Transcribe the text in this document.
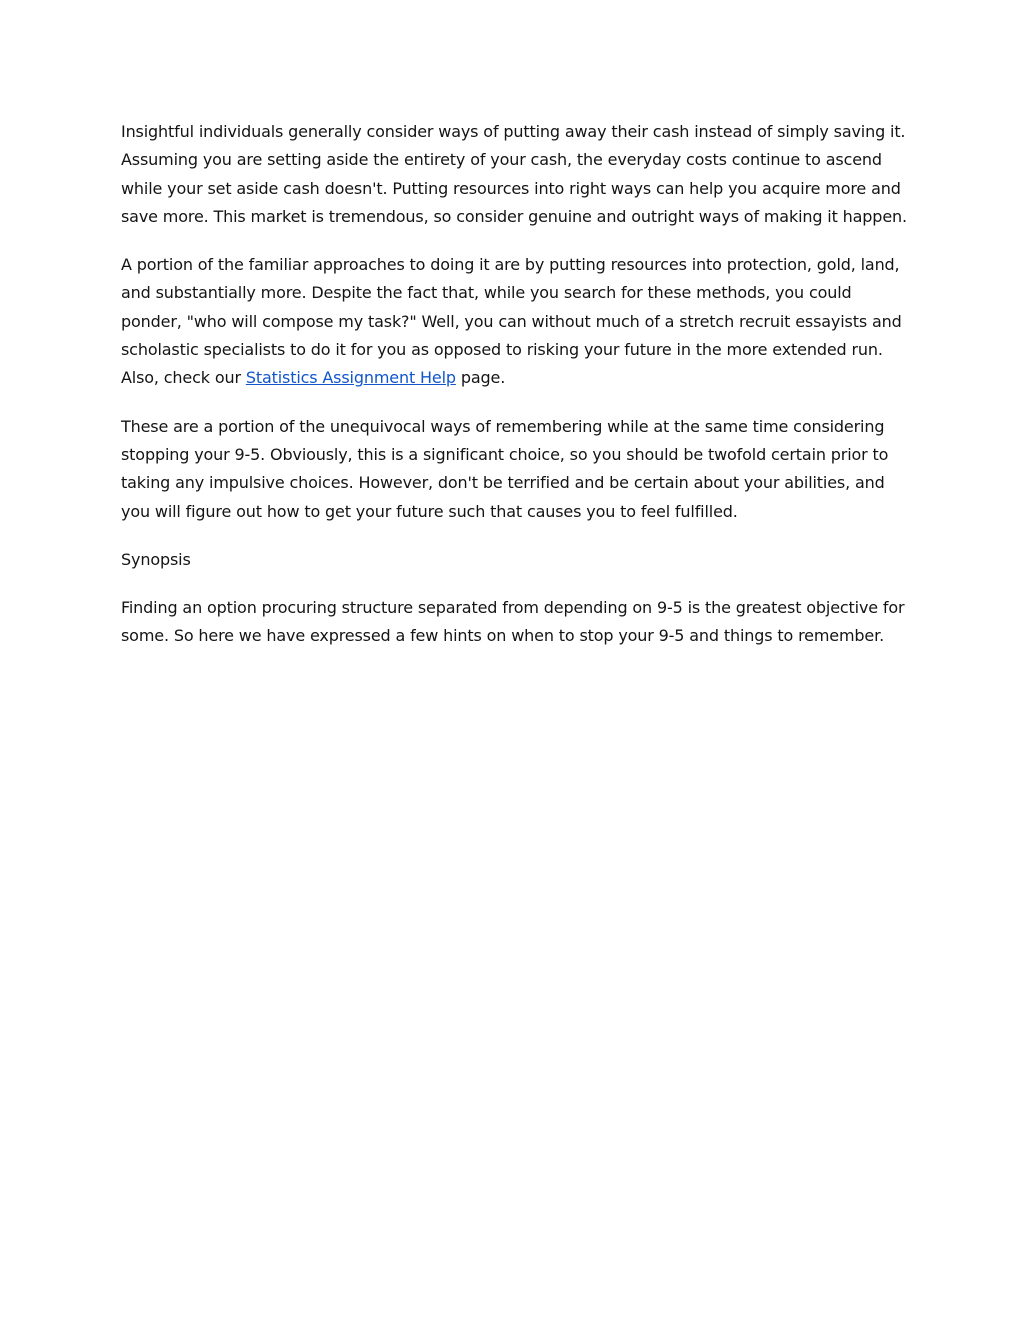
Insightful individuals generally consider ways of putting away their cash instead of simply saving it. Assuming you are setting aside the entirety of your cash, the everyday costs continue to ascend while your set aside cash doesn't. Putting resources into right ways can help you acquire more and save more. This market is tremendous, so consider genuine and outright ways of making it happen.

A portion of the familiar approaches to doing it are by putting resources into protection, gold, land, and substantially more. Despite the fact that, while you search for these methods, you could ponder, "who will compose my task?" Well, you can without much of a stretch recruit essayists and scholastic specialists to do it for you as opposed to risking your future in the more extended run. Also, check our Statistics Assignment Help page.

These are a portion of the unequivocal ways of remembering while at the same time considering stopping your 9-5. Obviously, this is a significant choice, so you should be twofold certain prior to taking any impulsive choices. However, don't be terrified and be certain about your abilities, and you will figure out how to get your future such that causes you to feel fulfilled.

Synopsis

Finding an option procuring structure separated from depending on 9-5 is the greatest objective for some. So here we have expressed a few hints on when to stop your 9-5 and things to remember.
